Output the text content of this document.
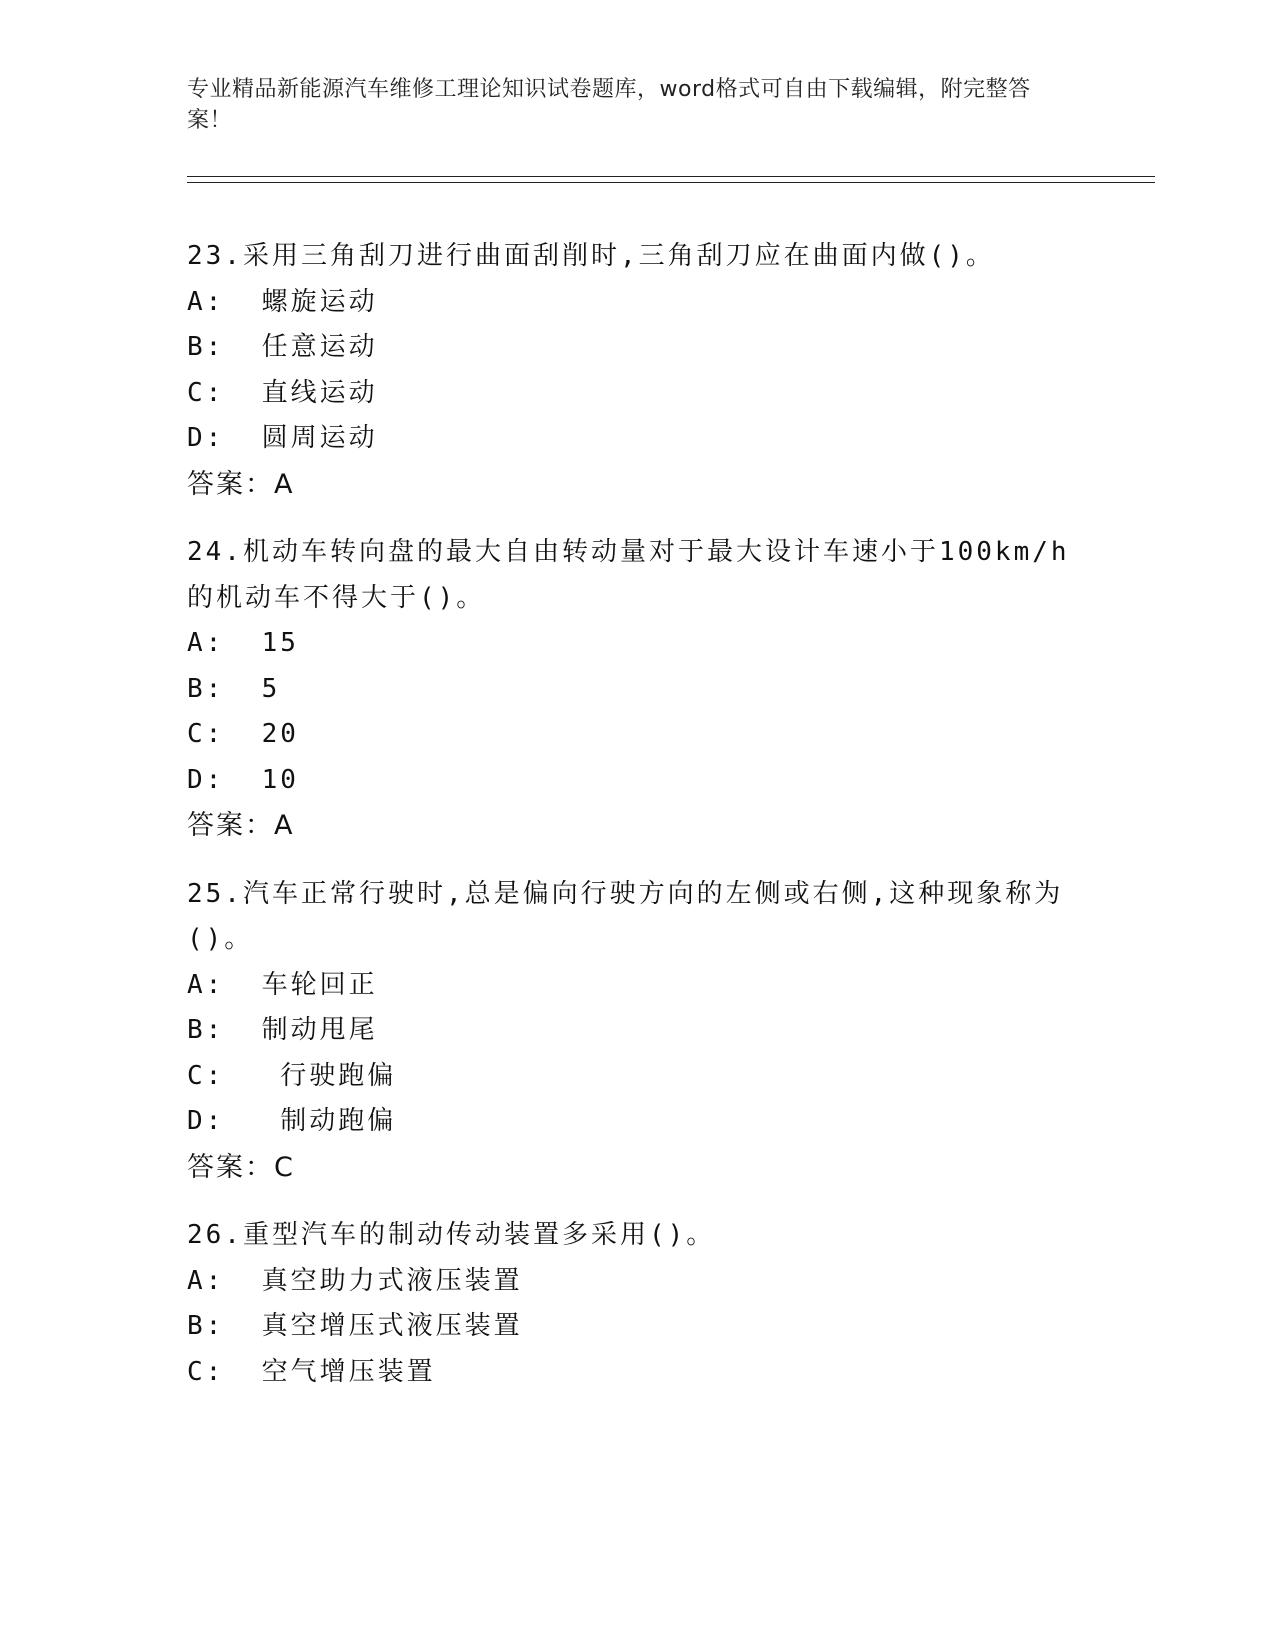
专业精品新能源汽车维修工理论知识试卷题库，word格式可自由下载编辑，附完整答案！
23.采用三角刮刀进行曲面刮削时,三角刮刀应在曲面内做()。
A:  螺旋运动
B:  任意运动
C:  直线运动
D:  圆周运动
答案：A
24.机动车转向盘的最大自由转动量对于最大设计车速小于100km/h的机动车不得大于()。
A:  15
B:  5
C:  20
D:  10
答案：A
25.汽车正常行驶时,总是偏向行驶方向的左侧或右侧,这种现象称为()。
A:  车轮回正
B:  制动甩尾
C:   行驶跑偏
D:   制动跑偏
答案：C
26.重型汽车的制动传动装置多采用()。
A:  真空助力式液压装置
B:  真空增压式液压装置
C:  空气增压装置
